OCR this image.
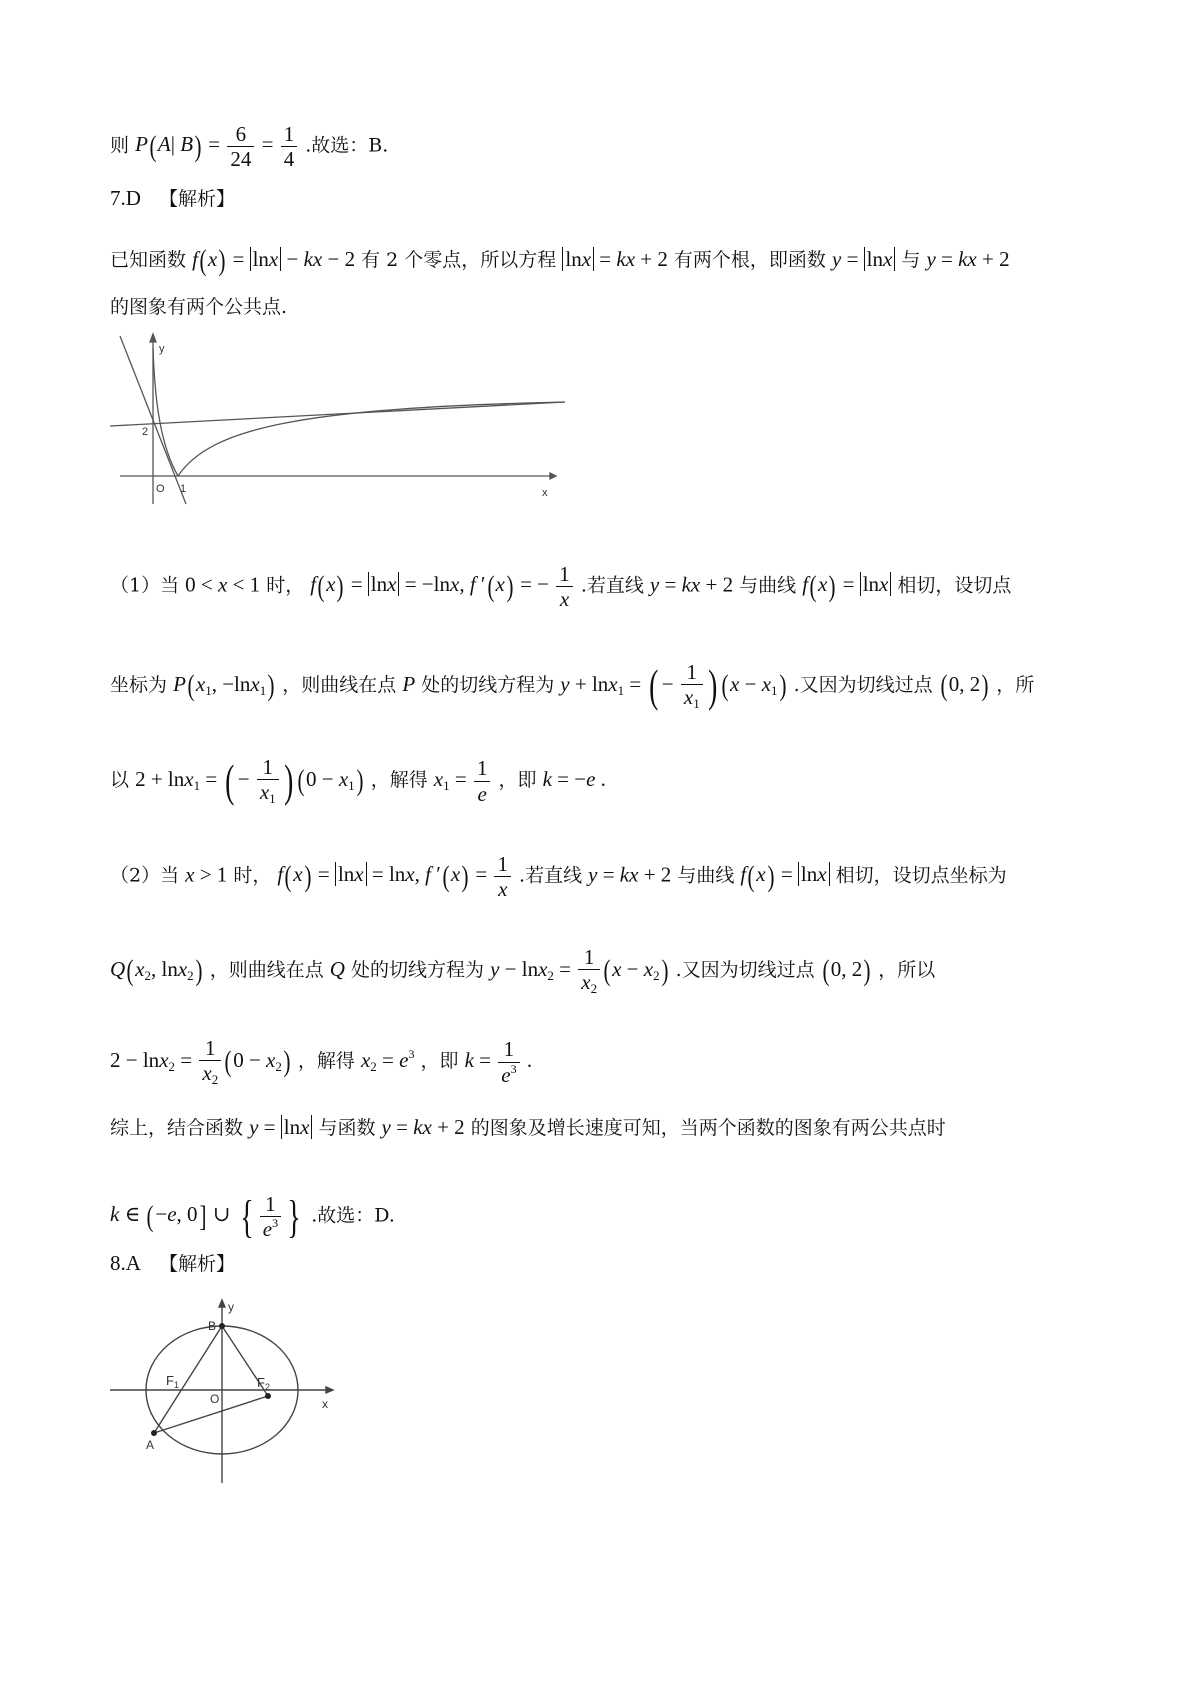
则 P(A| $B) = \frac{6}{24} = \frac{1}{4}$ .故选：B.
7.D 【解析】
已知函数 f(x) = lnx − kx − 2 有 2 个零点，所以方程 lnx = kx + 2 有两个根，即函数 y = lnx 与 y = kx + 2
的图象有两个公共点.
y
x
2
O 1
（1）当 0 < x < 1 时， f(x) = lnx = −lnx, f ′(x) = − $\frac{1}{x}$ .若直线 y = kx + 2 与曲线 f(x) = lnx 相切，设切点
坐标为 $P(x_1$, −lnx$_1$) ，则曲线在点 P 处的切线方程为 y + lnx$_1$ = ( − $\frac{1}{x_1}$ ) $(x - x_1)$ .又因为切线过点 (0, 2) ，所
以 2 + lnx$_1$ = ( − $\frac{1}{x_1}$ ) $(0 - x_1)$ ，解得 $x_1 = \frac{1}{e}$ ，即 k = −e .
（2）当 x > 1 时， f(x) = lnx = lnx, f $'(x) = \frac{1}{x}$ .若直线 y = kx + 2 与曲线 f(x) = lnx 相切，设切点坐标为
$Q(x_2$, lnx$_2$) ，则曲线在点 Q 处的切线方程为 $y - \ln x_2 = \frac{1}{x_2} (x - x_2)$ .又因为切线过点 (0, 2) ，所以
$2 - \ln x_2 = \frac{1}{x_2} (0 - x_2)$ ，解得 $x_2 = e^3$ ，即 $k = \frac{1}{e^3}$ .
综上，结合函数 y = lnx 与函数 y = kx + 2 的图象及增长速度可知，当两个函数的图象有两公共点时
k ∈ (−e, 0] ∪ { $\frac{1}{e^3}$ } .故选：D.
8.A 【解析】
y
x
B
$F_1$	$F_2$
O
A
